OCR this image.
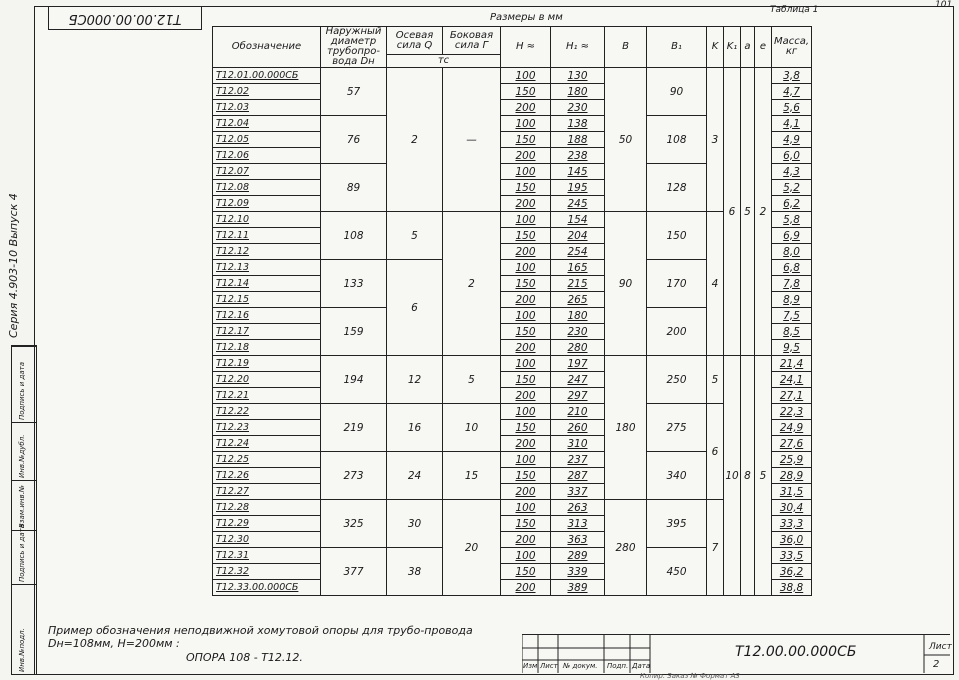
101
Т12.00.00.000СБ
Таблица 1
Размеры в мм
Серия 4.903-10 Выпуск 4
Инв.№подл.
Подпись и дата
Взам.инв.№
Инв.№дубл.
Подпись и дата
Обозначение	Наружный диаметр трубопро-вода Dн	Осевая сила Q	Боковая сила Г	H ≈	H₁ ≈	B	B₁	K	K₁	a	e	Масса, кг
		тс										
Т12.01.00.000СБ	57	2	—	100	130	50	90	3	6	5	2	3,8
Т12.02				150	180							4,7
Т12.03				200	230							5,6
Т12.04	76			100	138		108					4,1
Т12.05				150	188							4,9
Т12.06				200	238							6,0
Т12.07	89			100	145		128					4,3
Т12.08				150	195							5,2
Т12.09				200	245							6,2
Т12.10	108	5	2	100	154	90	150	4				5,8
Т12.11				150	204							6,9
Т12.12				200	254							8,0
Т12.13	133	6		100	165		170					6,8
Т12.14				150	215							7,8
Т12.15				200	265							8,9
Т12.16	159			100	180		200					7,5
Т12.17				150	230							8,5
Т12.18				200	280							9,5
Т12.19	194	12	5	100	197	180	250	5	10	8	5	21,4
Т12.20				150	247							24,1
Т12.21				200	297							27,1
Т12.22	219	16	10	100	210		275	6				22,3
Т12.23				150	260							24,9
Т12.24				200	310							27,6
Т12.25	273	24	15	100	237		340					25,9
Т12.26				150	287							28,9
Т12.27				200	337							31,5
Т12.28	325	30	20	100	263	280	395	7				30,4
Т12.29				150	313							33,3
Т12.30				200	363							36,0
Т12.31	377	38		100	289		450					33,5
Т12.32				150	339							36,2
Т12.33.00.000СБ				200	389							38,8
Пример обозначения неподвижной хомутовой опоры для трубо-провода Dн=108мм, H=200мм :
ОПОРА 108 - Т12.12.
Изм Лист № докум. Подп. Дата
Т12.00.00.000СБ	Лист
2
Копир. Заказ № Формат А3
